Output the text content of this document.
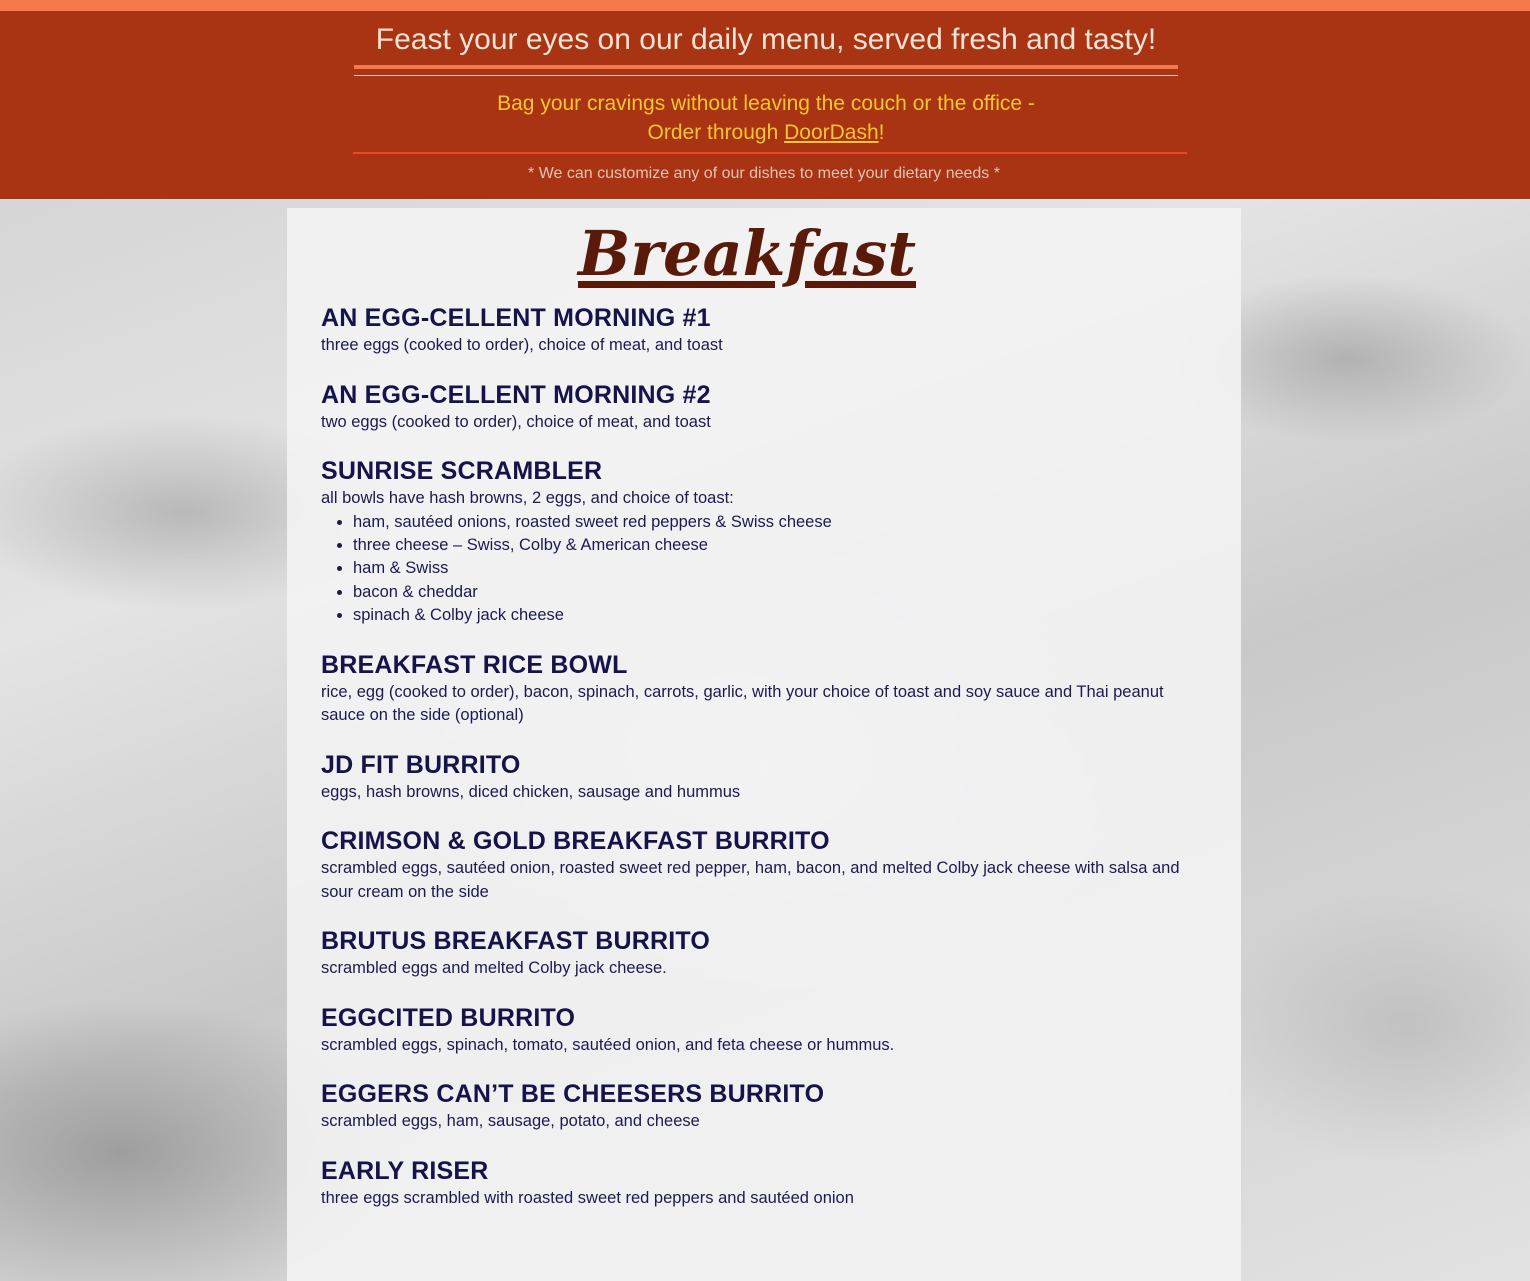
Feast your eyes on our daily menu, served fresh and tasty!
Bag your cravings without leaving the couch or the office -
Order through DoorDash!
* We can customize any of our dishes to meet your dietary needs *
Breakfast
AN EGG-CELLENT MORNING #1

three eggs (cooked to order), choice of meat, and toast

AN EGG-CELLENT MORNING #2

two eggs (cooked to order), choice of meat, and toast

SUNRISE SCRAMBLER

all bowls have hash browns, 2 eggs, and choice of toast:

• ham, sautéed onions, roasted sweet red peppers & Swiss cheese
• three cheese – Swiss, Colby & American cheese
• ham & Swiss
• bacon & cheddar
• spinach & Colby jack cheese
BREAKFAST RICE BOWL

rice, egg (cooked to order), bacon, spinach, carrots, garlic, with your choice of toast and soy sauce and Thai peanut sauce on the side (optional)

JD FIT BURRITO

eggs, hash browns, diced chicken, sausage and hummus

CRIMSON & GOLD BREAKFAST BURRITO

scrambled eggs, sautéed onion, roasted sweet red pepper, ham, bacon, and melted Colby jack cheese with salsa and sour cream on the side

BRUTUS BREAKFAST BURRITO

scrambled eggs and melted Colby jack cheese.

EGGCITED BURRITO

scrambled eggs, spinach, tomato, sautéed onion, and feta cheese or hummus.

EGGERS CAN’T BE CHEESERS BURRITO

scrambled eggs, ham, sausage, potato, and cheese

EARLY RISER

three eggs scrambled with roasted sweet red peppers and sautéed onion
